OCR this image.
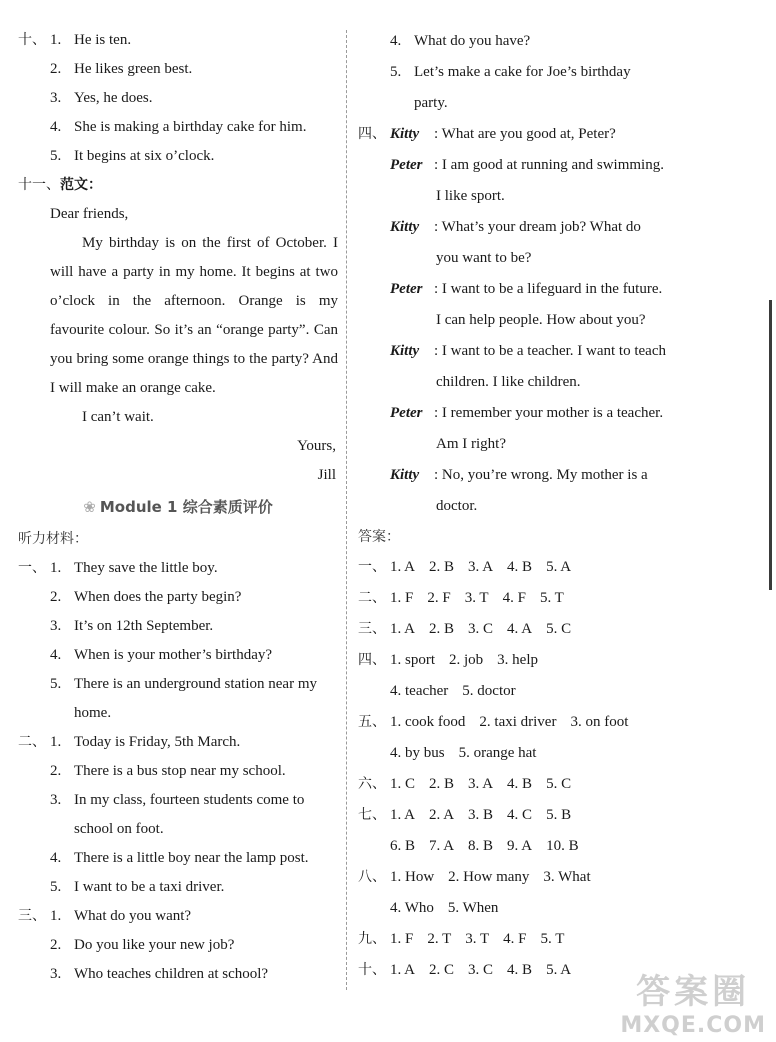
十、 1. He is ten.
2. He likes green best.
3. Yes, he does.
4. She is making a birthday cake for him.
5. It begins at six o’clock.
十一、范文：
Dear friends,
My birthday is on the first of October. I will have a party in my home. It begins at two o’clock in the afternoon. Orange is my favourite colour. So it’s an “orange party”. Can you bring some orange things to the party? And I will make an orange cake.
I can’t wait.
Yours,
Jill
❀ Module 1 综合素质评价
听力材料：
一、 1. They save the little boy.
2. When does the party begin?
3. It’s on 12th September.
4. When is your mother’s birthday?
5. There is an underground station near my
home.
二、 1. Today is Friday, 5th March.
2. There is a bus stop near my school.
3. In my class, fourteen students come to
school on foot.
4. There is a little boy near the lamp post.
5. I want to be a taxi driver.
三、 1. What do you want?
2. Do you like your new job?
3. Who teaches children at school?
4. What do you have?
5. Let’s make a cake for Joe’s birthday
party.
四、 Kitty : What are you good at, Peter?
Peter : I am good at running and swimming.
I like sport.
Kitty : What’s your dream job? What do
you want to be?
Peter : I want to be a lifeguard in the future.
I can help people. How about you?
Kitty : I want to be a teacher. I want to teach
children. I like children.
Peter : I remember your mother is a teacher.
Am I right?
Kitty : No, you’re wrong. My mother is a
doctor.
答案：
一、 1. A 2. B 3. A 4. B 5. A
二、 1. F 2. F 3. T 4. F 5. T
三、 1. A 2. B 3. C 4. A 5. C
四、 1. sport 2. job 3. help
4. teacher 5. doctor
五、 1. cook food 2. taxi driver 3. on foot
4. by bus 5. orange hat
六、 1. C 2. B 3. A 4. B 5. C
七、 1. A 2. A 3. B 4. C 5. B
6. B 7. A 8. B 9. A 10. B
八、 1. How 2. How many 3. What
4. Who 5. When
九、 1. F 2. T 3. T 4. F 5. T
十、 1. A 2. C 3. C 4. B 5. A
答案圈
MXQE.COM
